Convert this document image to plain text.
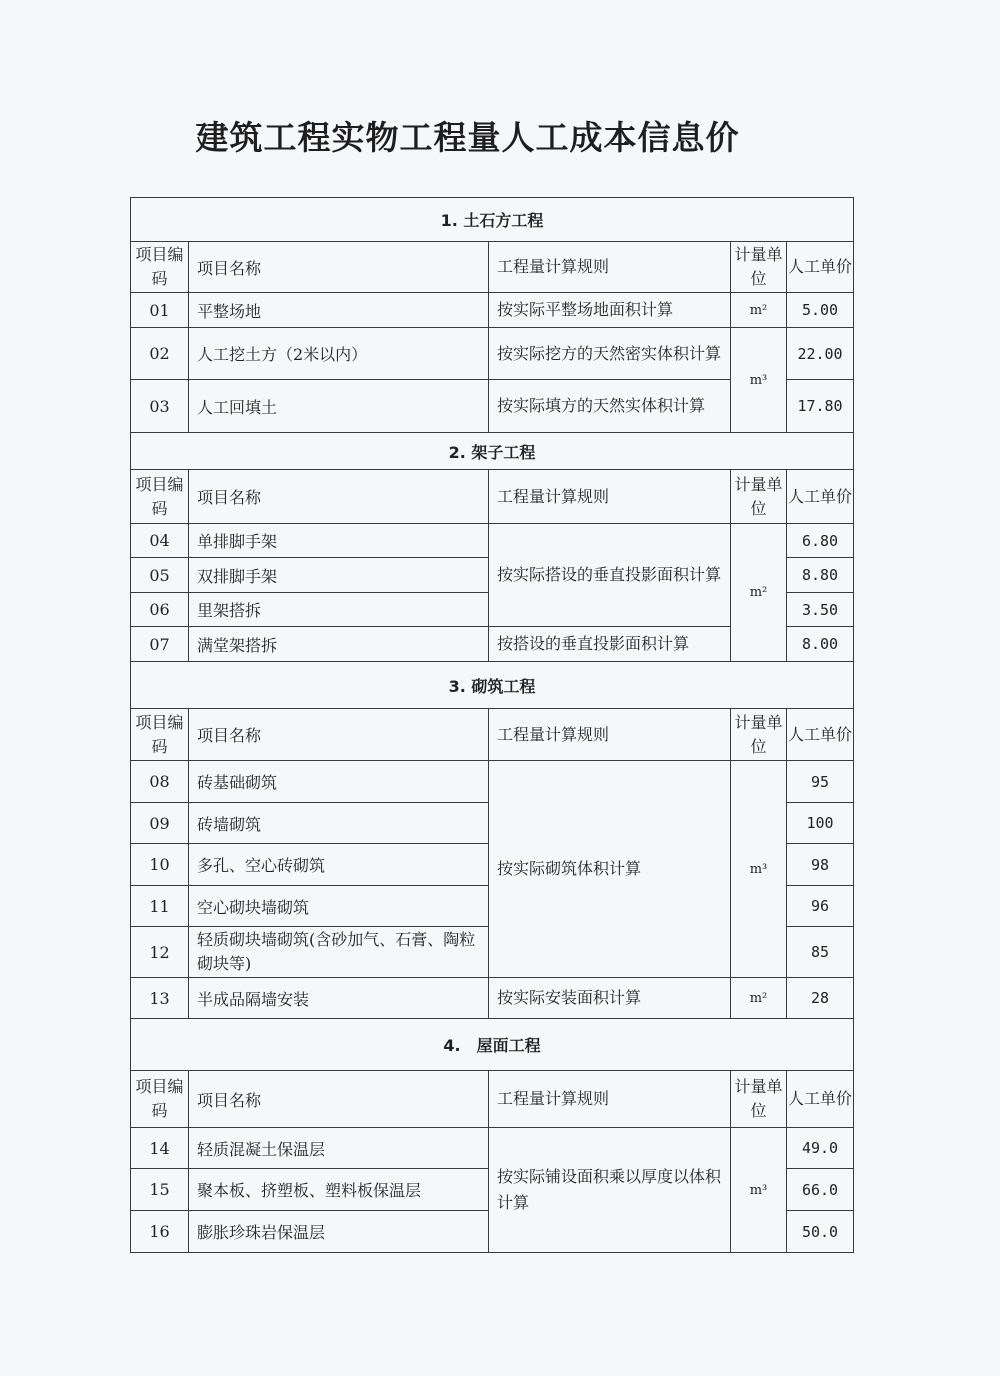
建筑工程实物工程量人工成本信息价
1. 土石方工程				
项目编码	项目名称	工程量计算规则	计量单位	人工单价
01	平整场地	按实际平整场地面积计算	m²	5.00
02	人工挖土方（2米以内）	按实际挖方的天然密实体积计算	m³	22.00
03	人工回填土	按实际填方的天然实体积计算		17.80
2. 架子工程				
项目编码	项目名称	工程量计算规则	计量单位	人工单价
04	单排脚手架	按实际搭设的垂直投影面积计算	m²	6.80
05	双排脚手架			8.80
06	里架搭拆			3.50
07	满堂架搭拆	按搭设的垂直投影面积计算		8.00
3. 砌筑工程				
项目编码	项目名称	工程量计算规则	计量单位	人工单价
08	砖基础砌筑	按实际砌筑体积计算	m³	95
09	砖墙砌筑			100
10	多孔、空心砖砌筑			98
11	空心砌块墙砌筑			96
12	轻质砌块墙砌筑(含砂加气、石膏、陶粒砌块等)			85
13	半成品隔墙安装	按实际安装面积计算	m²	28
4.　屋面工程				
项目编码	项目名称	工程量计算规则	计量单位	人工单价
14	轻质混凝土保温层	按实际铺设面积乘以厚度以体积计算	m³	49.0
15	聚本板、挤塑板、塑料板保温层			66.0
16	膨胀珍珠岩保温层			50.0
